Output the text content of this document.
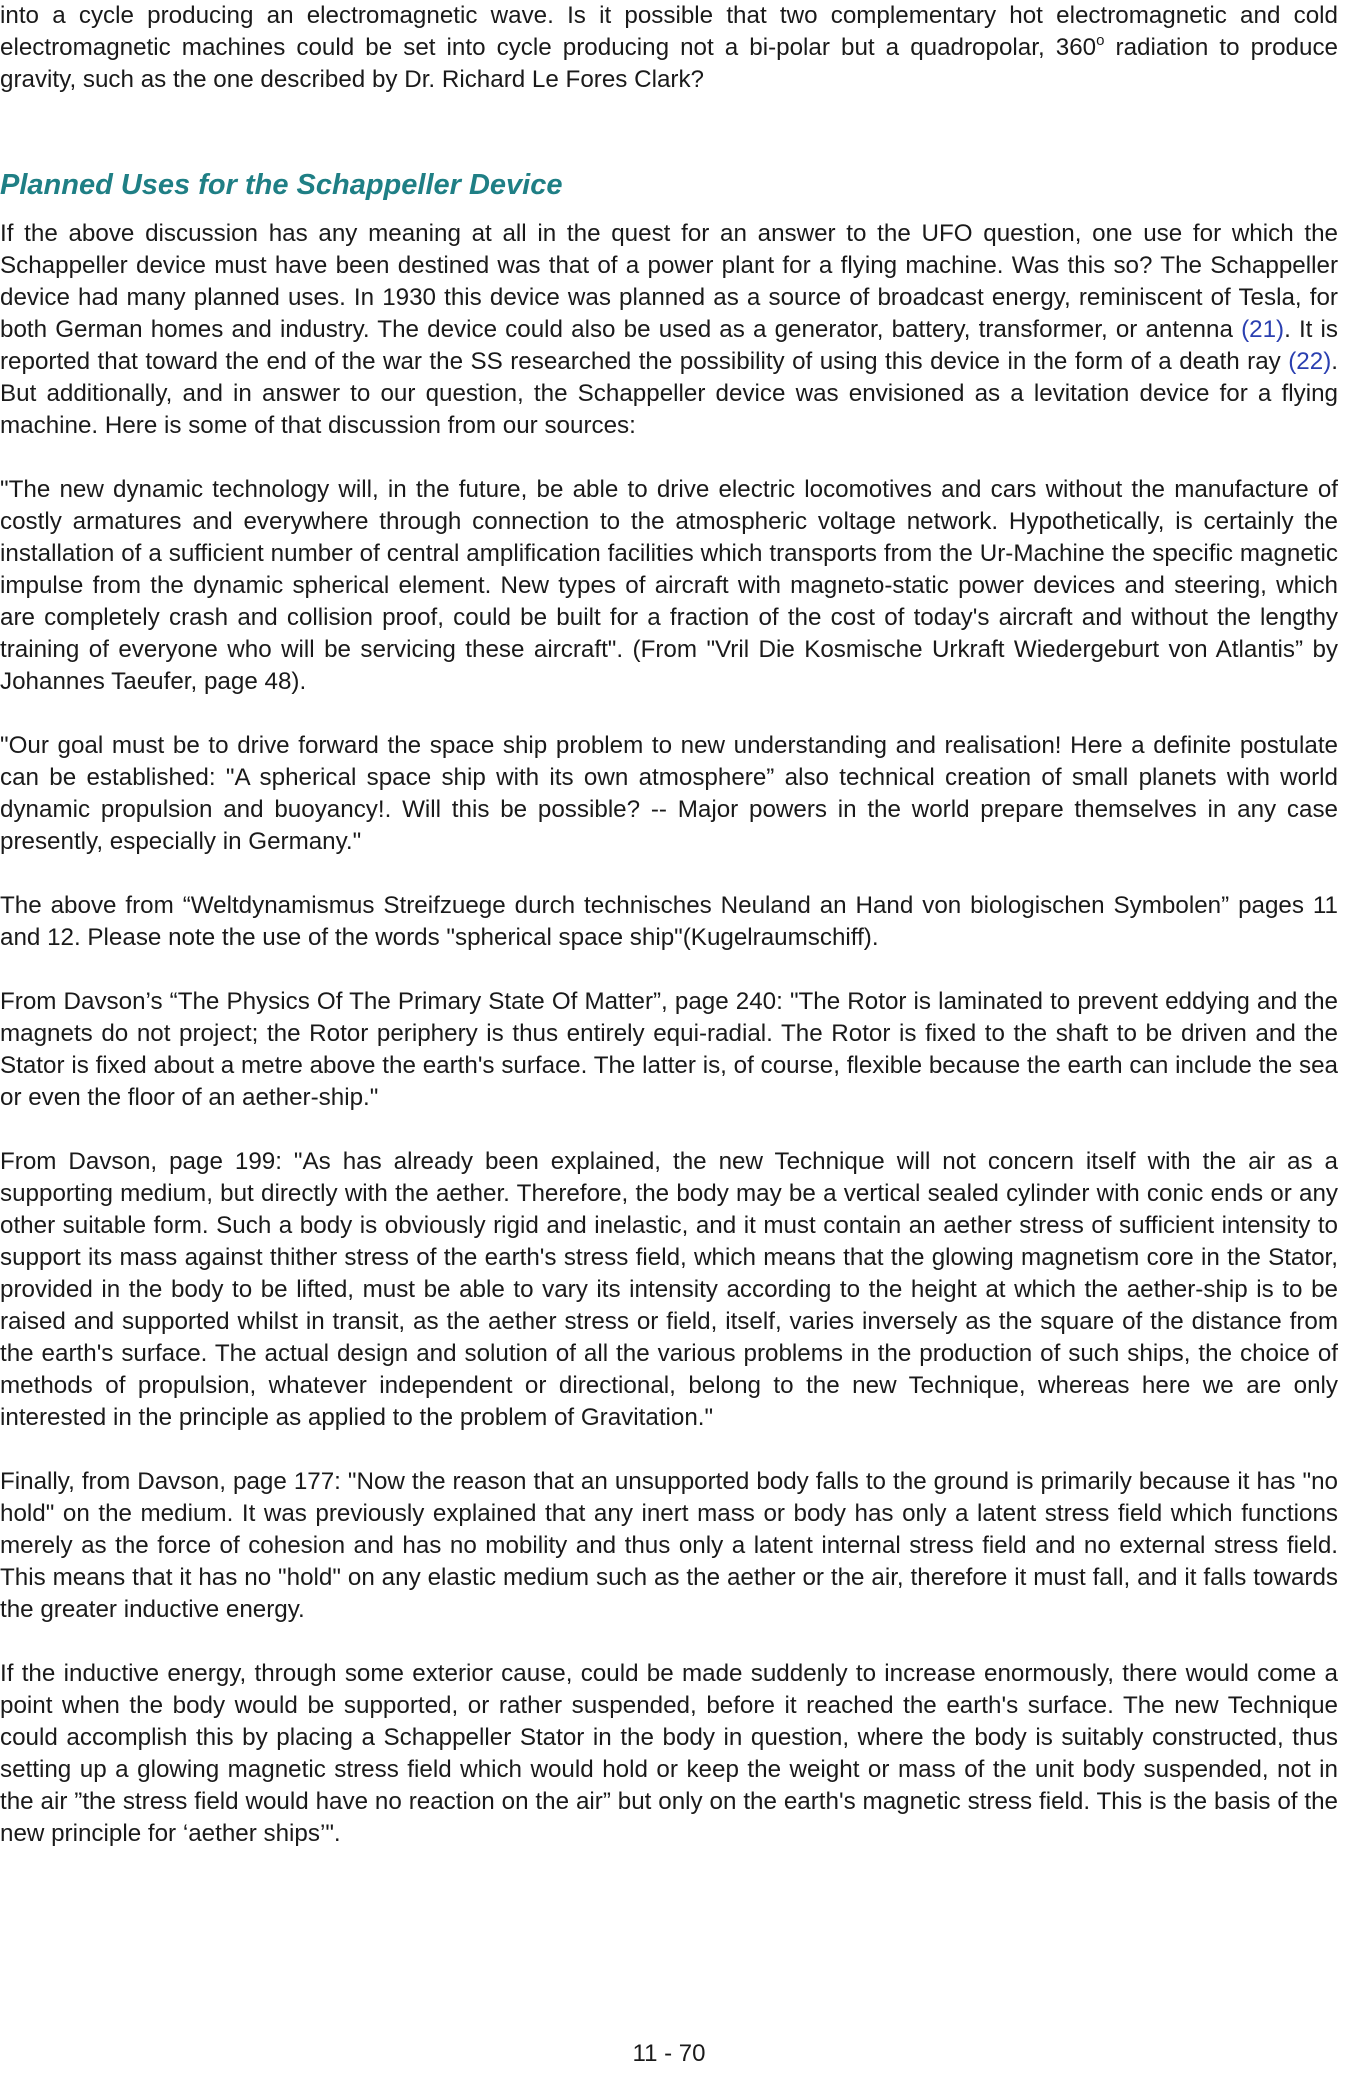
into a cycle producing an electromagnetic wave. Is it possible that two complementary hot electromagnetic and cold electromagnetic machines could be set into cycle producing not a bi-polar but a quadropolar, 360$^o$ radiation to produce gravity, such as the one described by Dr. Richard Le Fores Clark?

Planned Uses for the Schappeller Device

If the above discussion has any meaning at all in the quest for an answer to the UFO question, one use for which the Schappeller device must have been destined was that of a power plant for a flying machine. Was this so? The Schappeller device had many planned uses. In 1930 this device was planned as a source of broadcast energy, reminiscent of Tesla, for both German homes and industry. The device could also be used as a generator, battery, transformer, or antenna (21). It is reported that toward the end of the war the SS researched the possibility of using this device in the form of a death ray (22). But additionally, and in answer to our question, the Schappeller device was envisioned as a levitation device for a flying machine. Here is some of that discussion from our sources:

"The new dynamic technology will, in the future, be able to drive electric locomotives and cars without the manufacture of costly armatures and everywhere through connection to the atmospheric voltage network. Hypothetically, is certainly the installation of a sufficient number of central amplification facilities which transports from the Ur-Machine the specific magnetic impulse from the dynamic spherical element. New types of aircraft with magneto-static power devices and steering, which are completely crash and collision proof, could be built for a fraction of the cost of today's aircraft and without the lengthy training of everyone who will be servicing these aircraft". (From "Vril Die Kosmische Urkraft Wiedergeburt von Atlantis” by Johannes Taeufer, page 48).

"Our goal must be to drive forward the space ship problem to new understanding and realisation! Here a definite postulate can be established: "A spherical space ship with its own atmosphere” also technical creation of small planets with world dynamic propulsion and buoyancy!. Will this be possible? -- Major powers in the world prepare themselves in any case presently, especially in Germany."

The above from “Weltdynamismus Streifzuege durch technisches Neuland an Hand von biologischen Symbolen” pages 11 and 12. Please note the use of the words "spherical space ship"(Kugelraumschiff).

From Davson’s “The Physics Of The Primary State Of Matter”, page 240: "The Rotor is laminated to prevent eddying and the magnets do not project; the Rotor periphery is thus entirely equi-radial. The Rotor is fixed to the shaft to be driven and the Stator is fixed about a metre above the earth's surface. The latter is, of course, flexible because the earth can include the sea or even the floor of an aether-ship."

From Davson, page 199: "As has already been explained, the new Technique will not concern itself with the air as a supporting medium, but directly with the aether. Therefore, the body may be a vertical sealed cylinder with conic ends or any other suitable form. Such a body is obviously rigid and inelastic, and it must contain an aether stress of sufficient intensity to support its mass against thither stress of the earth's stress field, which means that the glowing magnetism core in the Stator, provided in the body to be lifted, must be able to vary its intensity according to the height at which the aether-ship is to be raised and supported whilst in transit, as the aether stress or field, itself, varies inversely as the square of the distance from the earth's surface. The actual design and solution of all the various problems in the production of such ships, the choice of methods of propulsion, whatever independent or directional, belong to the new Technique, whereas here we are only interested in the principle as applied to the problem of Gravitation."

Finally, from Davson, page 177: "Now the reason that an unsupported body falls to the ground is primarily because it has "no hold" on the medium. It was previously explained that any inert mass or body has only a latent stress field which functions merely as the force of cohesion and has no mobility and thus only a latent internal stress field and no external stress field. This means that it has no "hold" on any elastic medium such as the aether or the air, therefore it must fall, and it falls towards the greater inductive energy.

If the inductive energy, through some exterior cause, could be made suddenly to increase enormously, there would come a point when the body would be supported, or rather suspended, before it reached the earth's surface. The new Technique could accomplish this by placing a Schappeller Stator in the body in question, where the body is suitably constructed, thus setting up a glowing magnetic stress field which would hold or keep the weight or mass of the unit body suspended, not in the air ”the stress field would have no reaction on the air” but only on the earth's magnetic stress field. This is the basis of the new principle for ‘aether ships’".

11 - 70
